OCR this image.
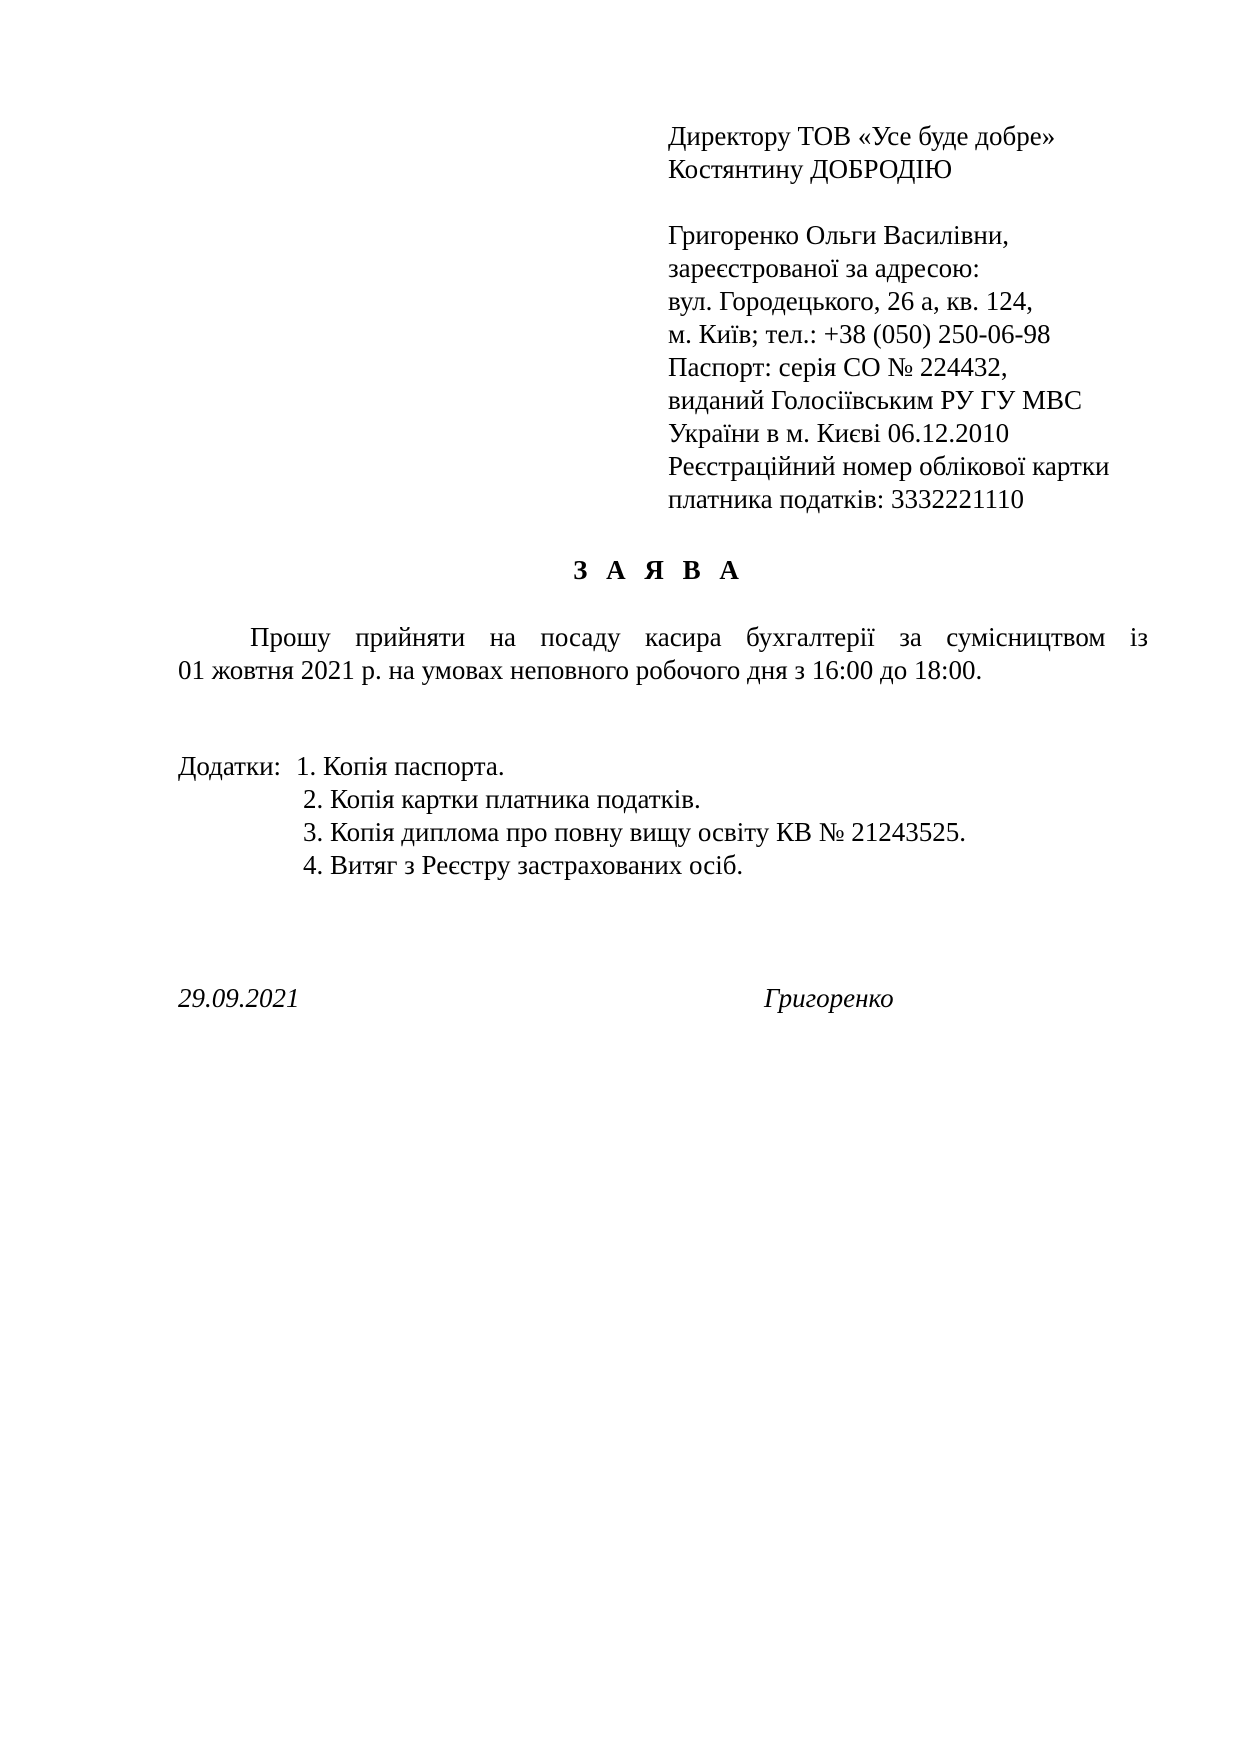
Директору ТОВ «Усе буде добре»
Костянтину ДОБРОДІЮ
Григоренко Ольги Василівни,
зареєстрованої за адресою:
вул. Городецького, 26 а, кв. 124,
м. Київ; тел.: +38 (050) 250-06-98
Паспорт: серія СО № 224432,
виданий Голосіївським РУ ГУ МВС
України в м. Києві 06.12.2010
Реєстраційний номер облікової картки
платника податків: 3332221110
З А Я В А
Прошу прийняти на посаду касира бухгалтерії за сумісництвом із
01 жовтня 2021 р. на умовах неповного робочого дня з 16:00 до 18:00.
Додатки: 1. Копія паспорта.
2. Копія картки платника податків.
3. Копія диплома про повну вищу освіту КВ № 21243525.
4. Витяг з Реєстру застрахованих осіб.
29.09.2021	Григоренко
